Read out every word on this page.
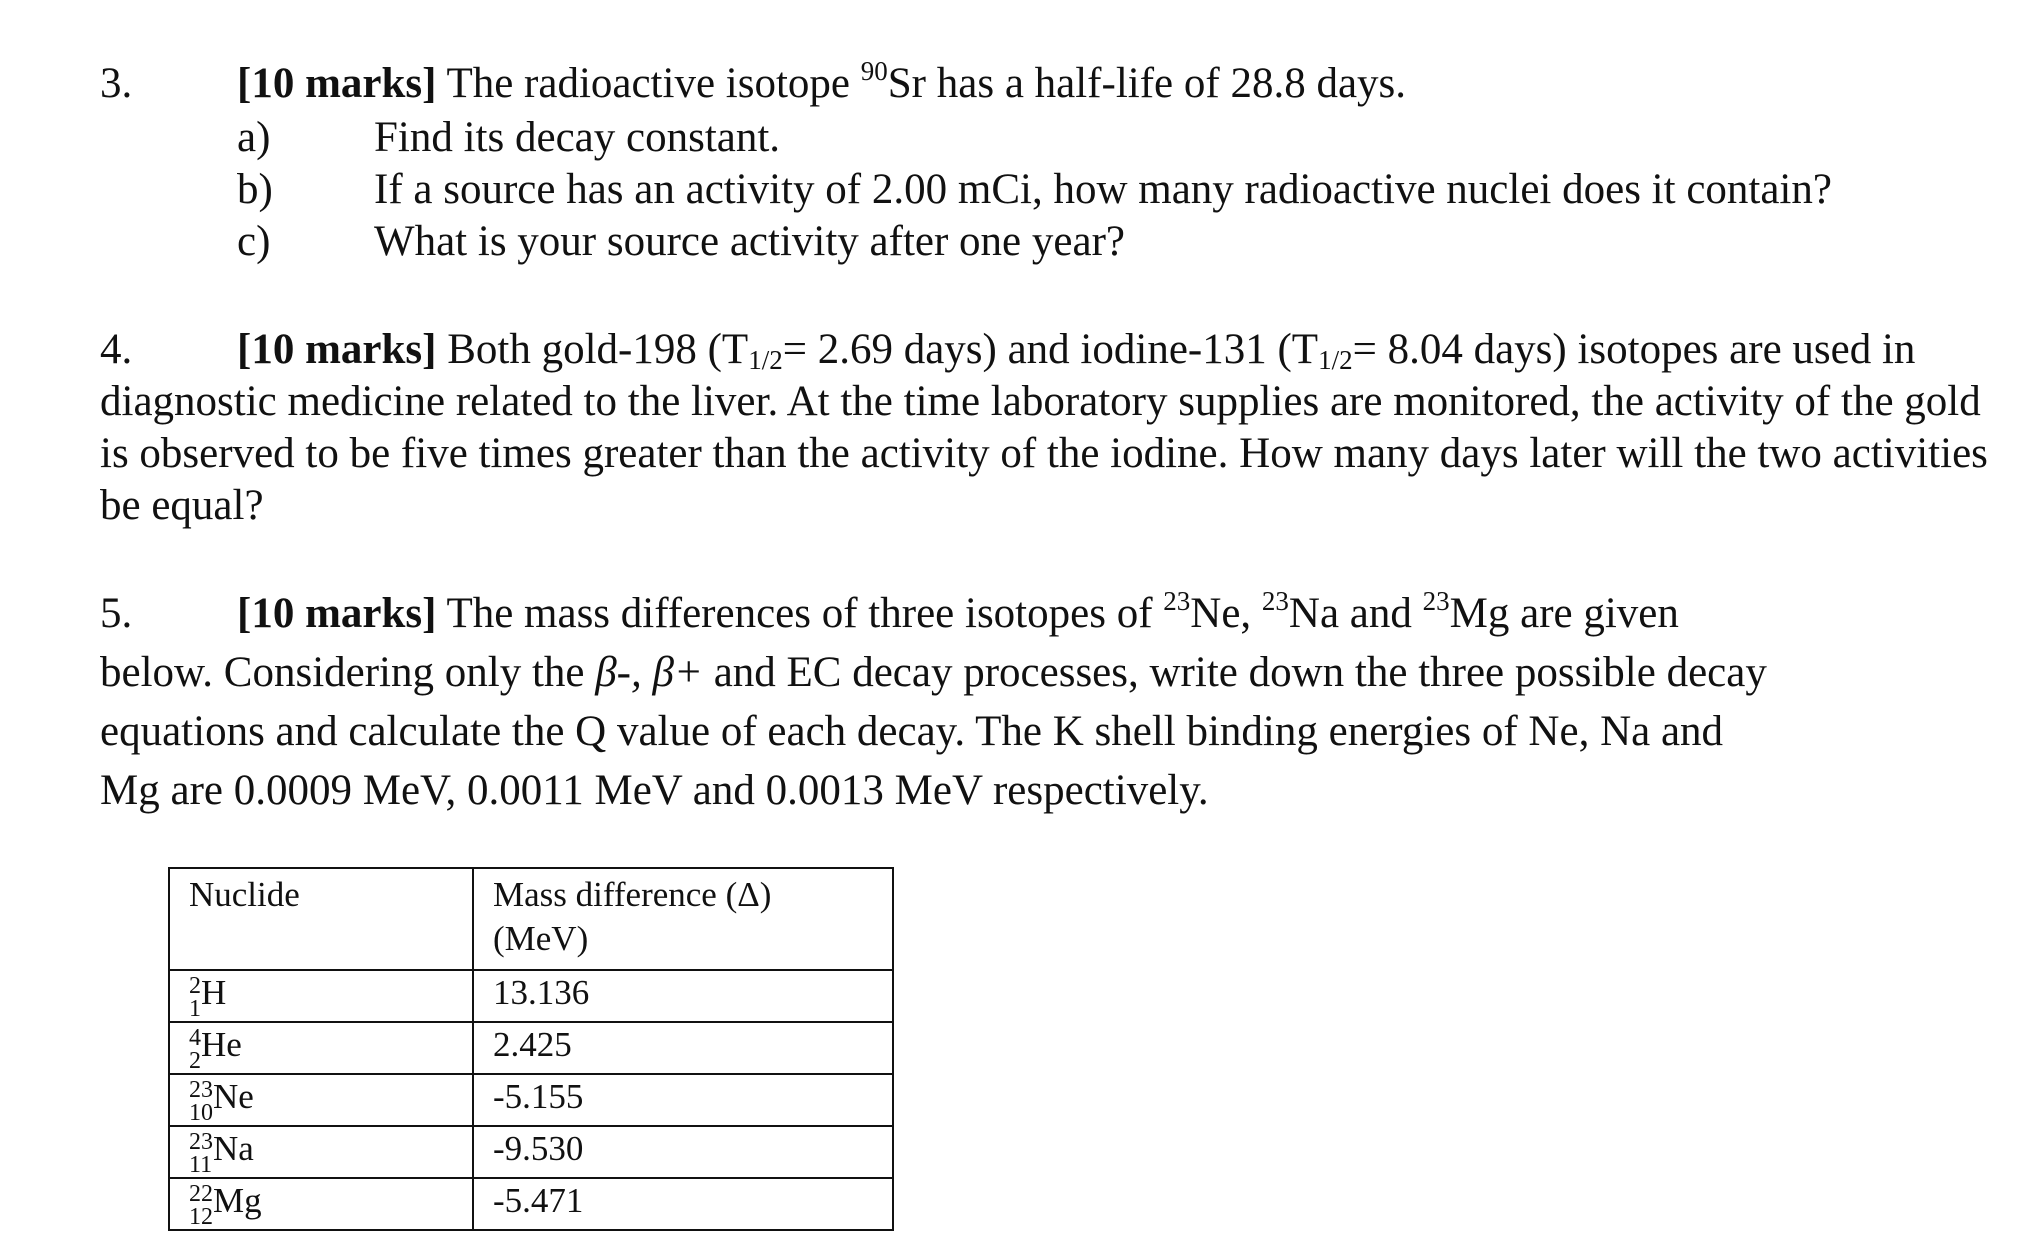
3.	[10 marks] The radioactive isotope $^{90}$Sr has a half-life of 28.8 days.
a) Find its decay constant.
b) If a source has an activity of 2.00 mCi, how many radioactive nuclei does it contain?
c) What is your source activity after one year?
4. [10 marks] Both gold-198 ($T_{1/2}= 2.69$ days) and iodine-131 ($T_{1/2}= 8.04$ days) isotopes are used in diagnostic medicine related to the liver. At the time laboratory supplies are monitored, the activity of the gold is observed to be five times greater than the activity of the iodine. How many days later will the two activities be equal?
5. [10 marks] The mass differences of three isotopes of $^{23}$Ne, $^{23}$Na and $^{23}$Mg are given
below. Considering only the β-, β+ and EC decay processes, write down the three possible decay
equations and calculate the Q value of each decay. The K shell binding energies of Ne, Na and
Mg are 0.0009 MeV, 0.0011 MeV and 0.0013 MeV respectively.
Nuclide	Mass difference (Δ)
(MeV)

2
1 H	13.136

4
2 He	2.425

23
10 Ne	-5.155

23
11 Na	-9.530

22
12 Mg	-5.471
